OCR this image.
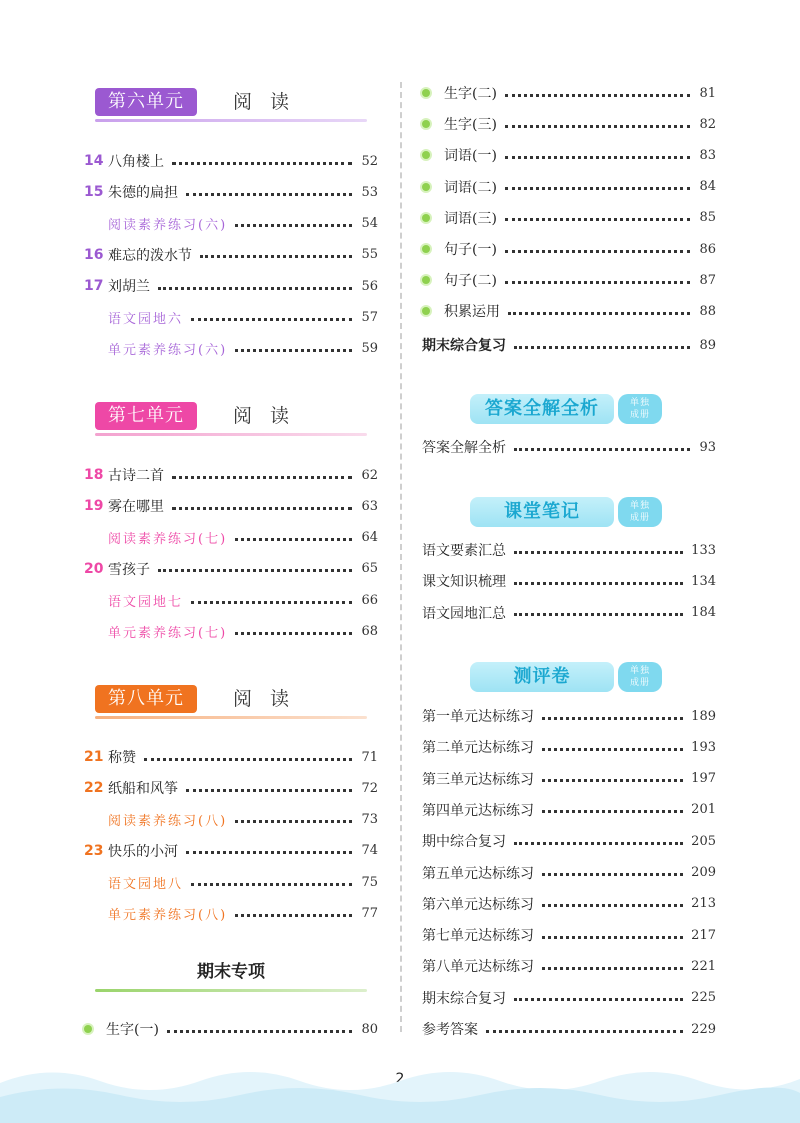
第六单元	阅 读
14 八角楼上	52
15 朱德的扁担	53
阅读素养练习(六)	54
16 难忘的泼水节	55
17 刘胡兰	56
语文园地六	57
单元素养练习(六)	59
第七单元	阅 读
18 古诗二首	62
19 雾在哪里	63
阅读素养练习(七)	64
20 雪孩子	65
语文园地七	66
单元素养练习(七)	68
第八单元	阅 读
21 称赞	71
22 纸船和风筝	72
阅读素养练习(八)	73
23 快乐的小河	74
语文园地八	75
单元素养练习(八)	77
期末专项
生字(一)	80
生字(二)	81
生字(三)	82
词语(一)	83
词语(二)	84
词语(三)	85
句子(一)	86
句子(二)	87
积累运用	88
期末综合复习	89
答案全解全析	单独
成册
答案全解全析	93
课堂笔记	单独
成册
语文要素汇总	133
课文知识梳理	134
语文园地汇总	184
测评卷	单独
成册
第一单元达标练习	189
第二单元达标练习	193
第三单元达标练习	197
第四单元达标练习	201
期中综合复习	205
第五单元达标练习	209
第六单元达标练习	213
第七单元达标练习	217
第八单元达标练习	221
期末综合复习	225
参考答案	229
2
